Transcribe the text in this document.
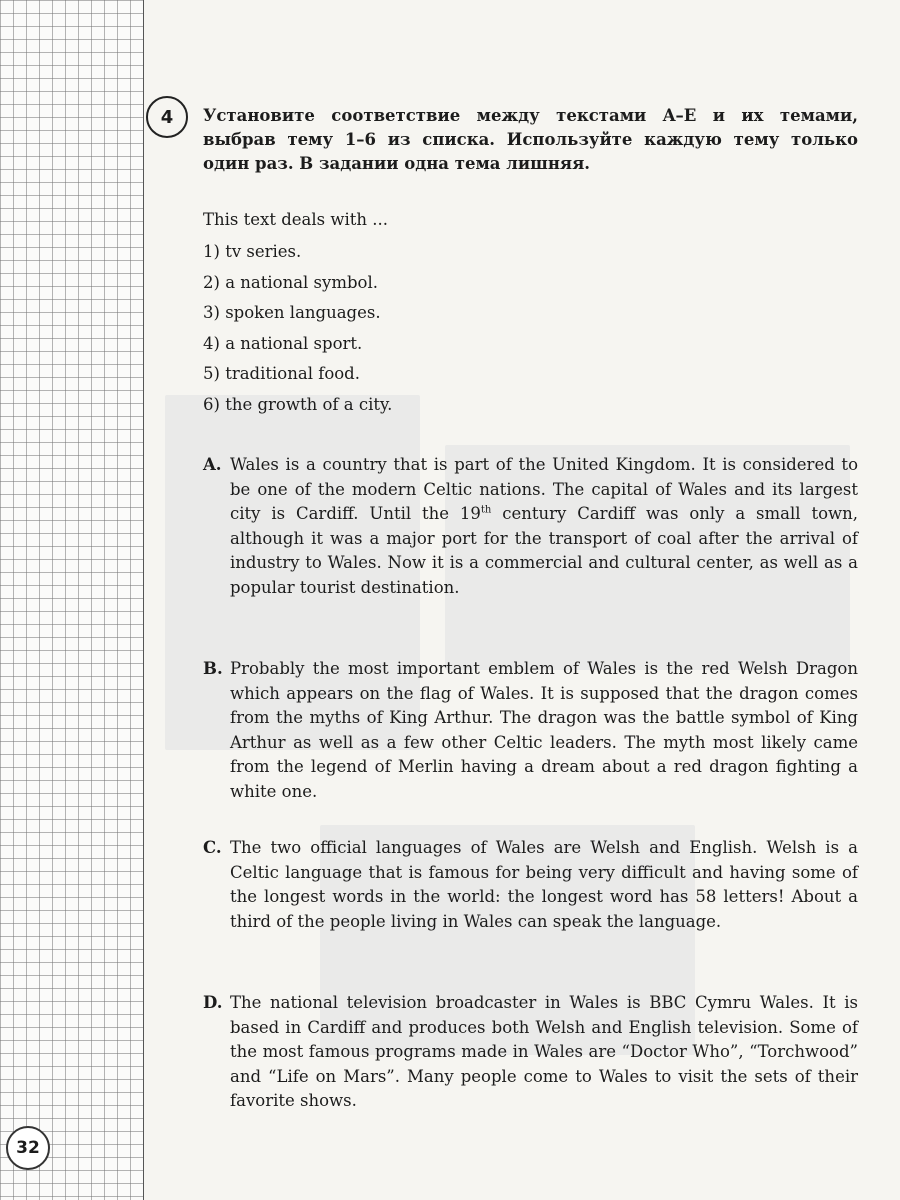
32
4	Установите соответствие между текстами A–E и их темами, выбрав тему 1–6 из списка. Используйте каждую тему только один раз. В задании одна тема лишняя.
This text deals with ...
1) tv series.
2) a national symbol.
3) spoken languages.
4) a national sport.
5) traditional food.
6) the growth of a city.
A. Wales is a country that is part of the United Kingdom. It is considered to be one of the modern Celtic nations. The capital of Wales and its largest city is Cardiff. Until the 19th century Cardiff was only a small town, although it was a major port for the transport of coal after the arrival of industry to Wales. Now it is a commercial and cultural center, as well as a popular tourist destination.
B. Probably the most important emblem of Wales is the red Welsh Dragon which appears on the flag of Wales. It is supposed that the dragon comes from the myths of King Arthur. The dragon was the battle symbol of King Arthur as well as a few other Celtic leaders. The myth most likely came from the legend of Merlin having a dream about a red dragon fighting a white one.
C. The two official languages of Wales are Welsh and English. Welsh is a Celtic language that is famous for being very difficult and having some of the longest words in the world: the longest word has 58 letters! About a third of the people living in Wales can speak the language.
D. The national television broadcaster in Wales is BBC Cymru Wales. It is based in Cardiff and produces both Welsh and English television. Some of the most famous programs made in Wales are “Doctor Who”, “Torchwood” and “Life on Mars”. Many people come to Wales to visit the sets of their favorite shows.
